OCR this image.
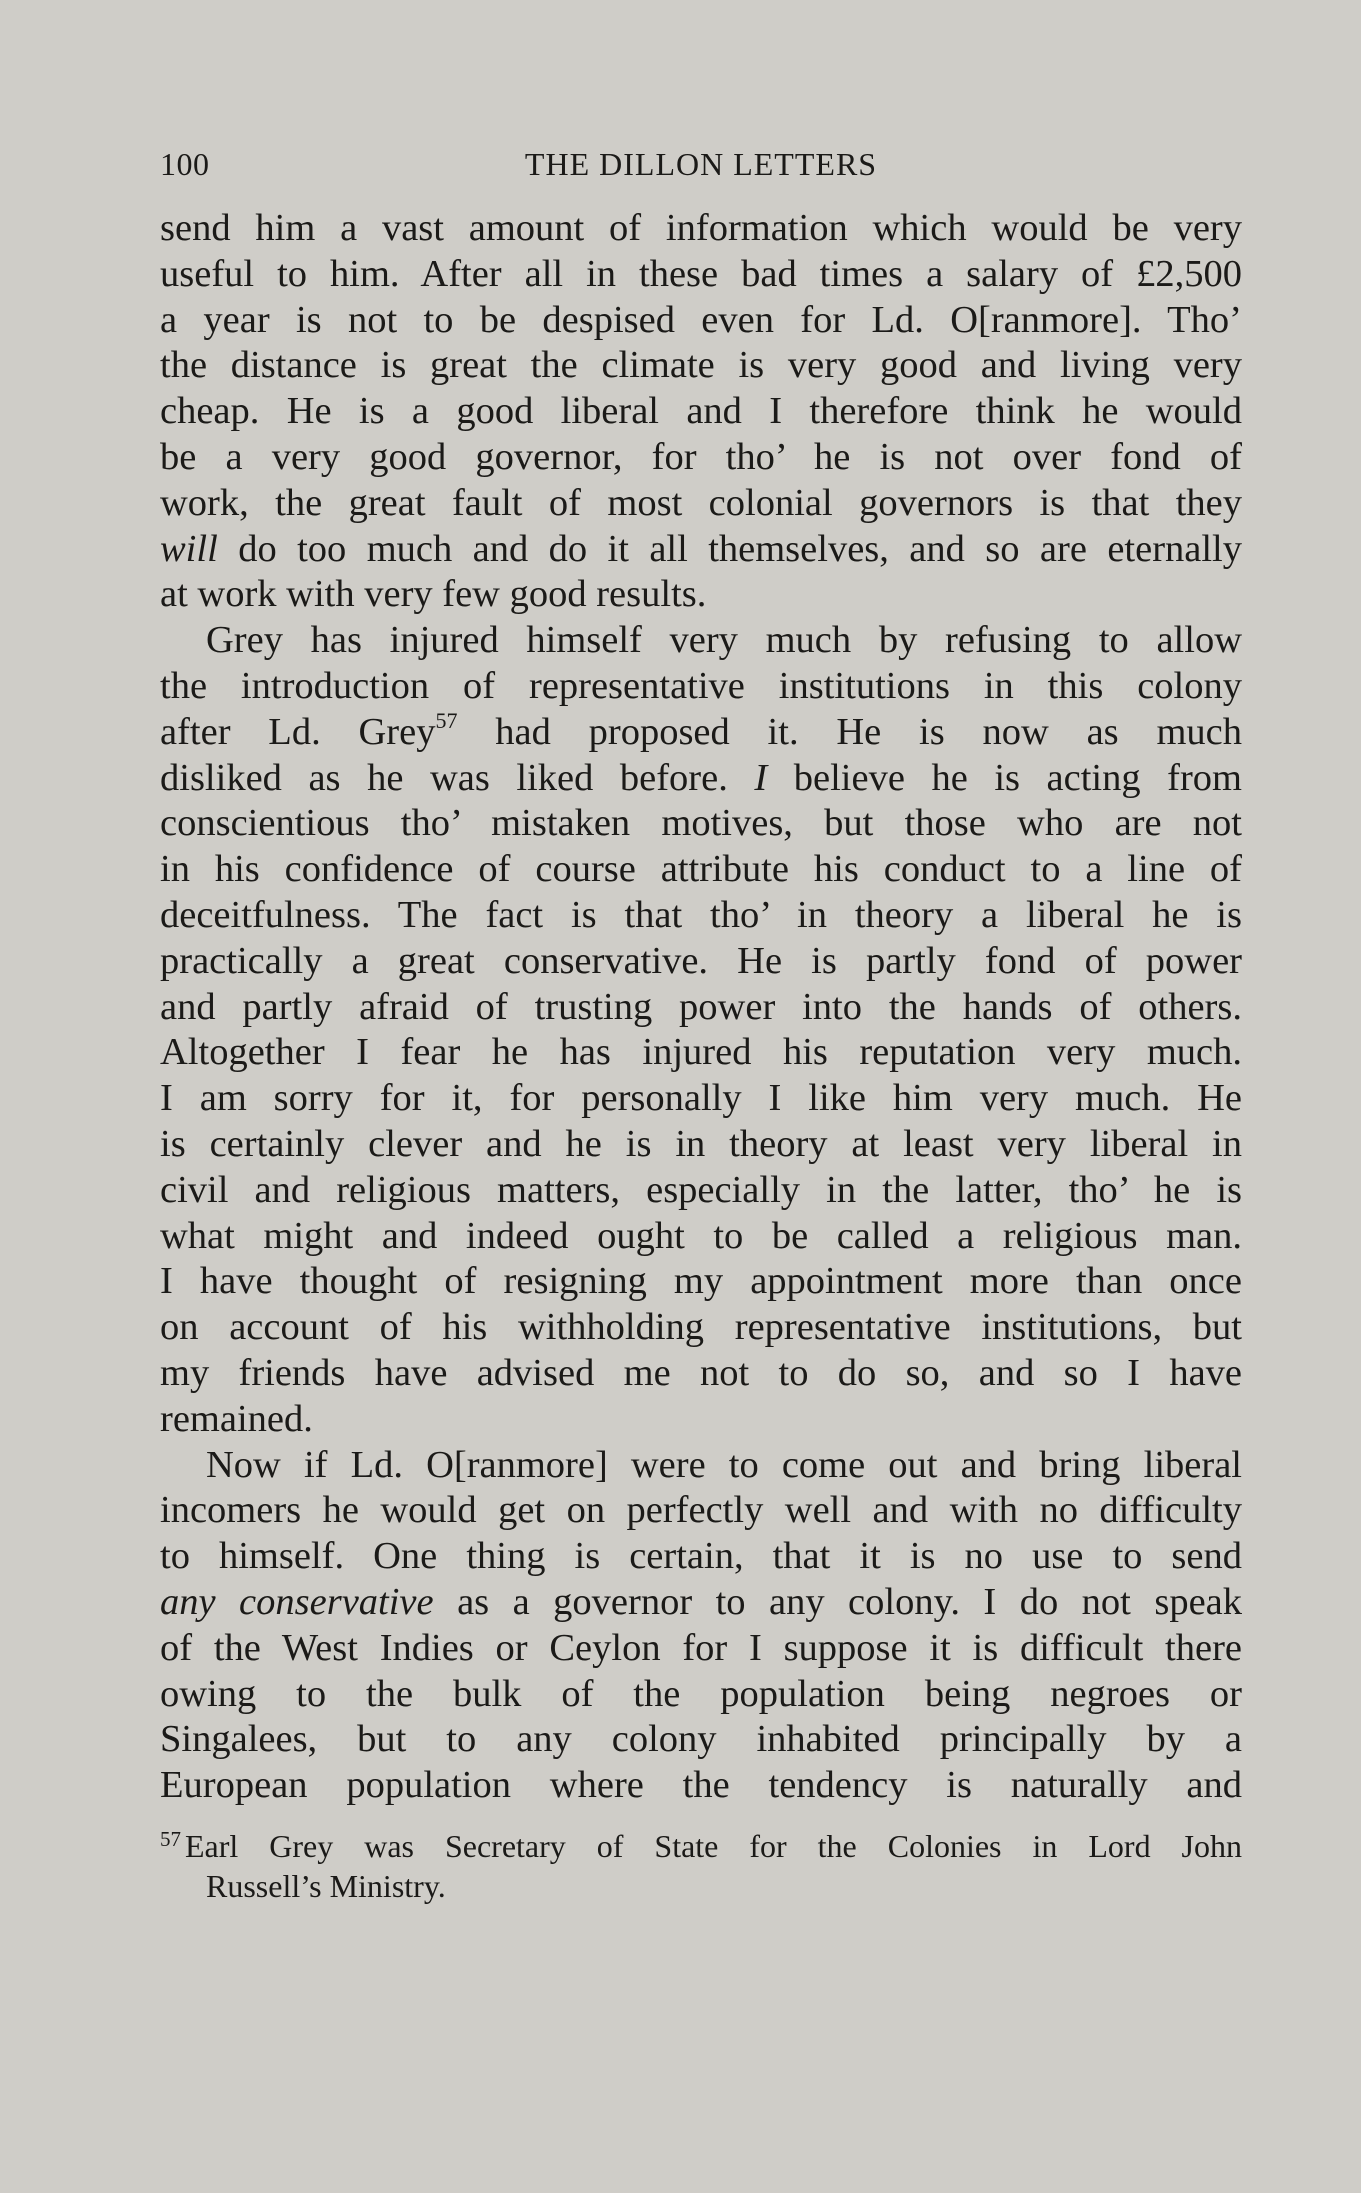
100	THE DILLON LETTERS
send him a vast amount of information which would be very
useful to him. After all in these bad times a salary of £2,500
a year is not to be despised even for Ld. O[ranmore]. Tho’
the distance is great the climate is very good and living very
cheap. He is a good liberal and I therefore think he would
be a very good governor, for tho’ he is not over fond of
work, the great fault of most colonial governors is that they
will do too much and do it all themselves, and so are eternally
at work with very few good results.
Grey has injured himself very much by refusing to allow
the introduction of representative institutions in this colony
after Ld. Grey$^{57}$ had proposed it. He is now as much
disliked as he was liked before. I believe he is acting from
conscientious tho’ mistaken motives, but those who are not
in his confidence of course attribute his conduct to a line of
deceitfulness. The fact is that tho’ in theory a liberal he is
practically a great conservative. He is partly fond of power
and partly afraid of trusting power into the hands of others.
Altogether I fear he has injured his reputation very much.
I am sorry for it, for personally I like him very much. He
is certainly clever and he is in theory at least very liberal in
civil and religious matters, especially in the latter, tho’ he is
what might and indeed ought to be called a religious man.
I have thought of resigning my appointment more than once
on account of his withholding representative institutions, but
my friends have advised me not to do so, and so I have
remained.
Now if Ld. O[ranmore] were to come out and bring liberal
incomers he would get on perfectly well and with no difficulty
to himself. One thing is certain, that it is no use to send
any conservative as a governor to any colony. I do not speak
of the West Indies or Ceylon for I suppose it is difficult there
owing to the bulk of the population being negroes or
Singalees, but to any colony inhabited principally by a
European population where the tendency is naturally and
$^{57}$ Earl Grey was Secretary of State for the Colonies in Lord John
Russell’s Ministry.
